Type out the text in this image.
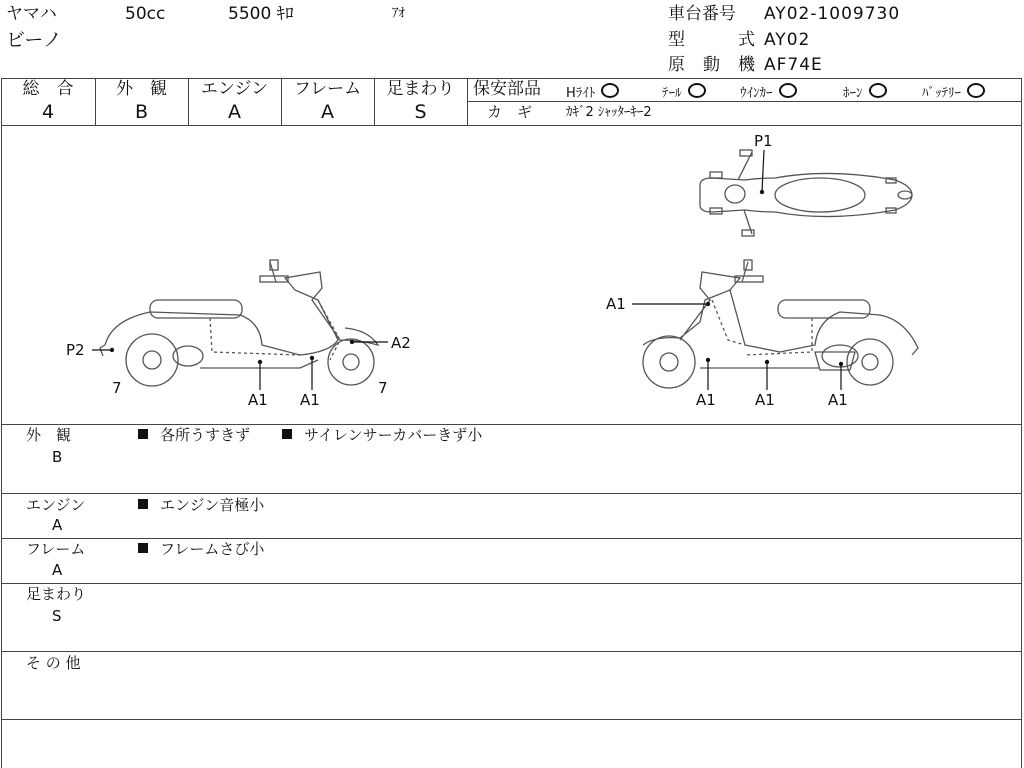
ヤマハ	50cc	5500 ｷﾛ	ｱｵ
ビーノ
車台番号 AY02-1009730
型	式 AY02
原 動 機 AF74E
総　合
4
外　観
B
エンジン
A
フレーム
A
足まわり
S
保安部品 Hﾗｲﾄ	ﾃｰﾙ	ｳｲﾝｶｰ	ﾎｰﾝ	ﾊﾞｯﾃﾘｰ
カ　ギ	ｶｷﾞ2 ｼｬｯﾀｰｷｰ2
P1
P2
7
A1 A1
A2
7
A1
A1	A1	A1
外　観
B
各所うすきず	サイレンサーカバーきず小
エンジン
A
エンジン音極小
フレーム
A
フレームさび小
足まわり
S
そ の 他
